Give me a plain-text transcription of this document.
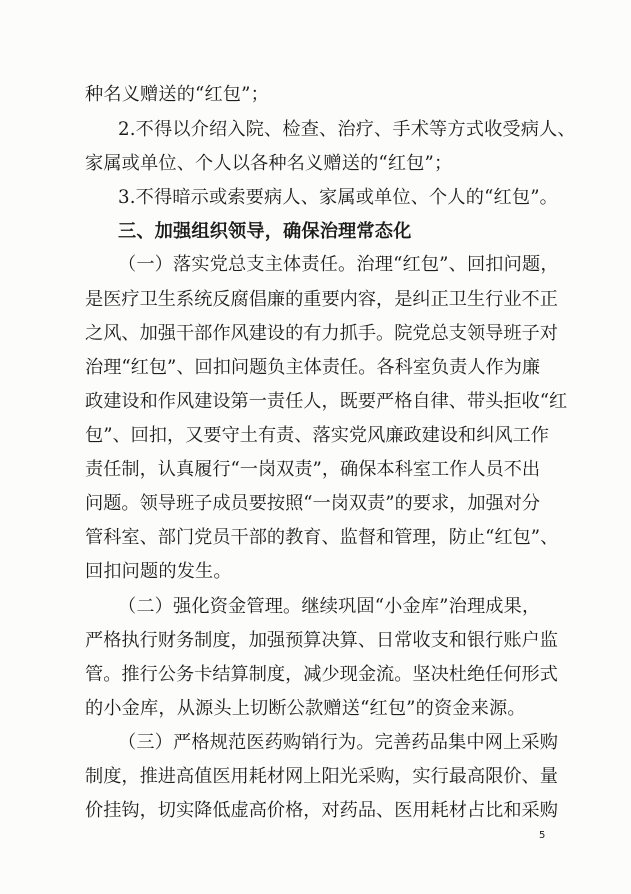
种名义赠送的“红包”；
2.不得以介绍入院、检查、治疗、手术等方式收受病人、
家属或单位、个人以各种名义赠送的“红包”；
3.不得暗示或索要病人、家属或单位、个人的“红包”。
三、加强组织领导，确保治理常态化
（一）落实党总支主体责任。治理“红包”、回扣问题，
是医疗卫生系统反腐倡廉的重要内容，是纠正卫生行业不正
之风、加强干部作风建设的有力抓手。院党总支领导班子对
治理“红包”、回扣问题负主体责任。各科室负责人作为廉
政建设和作风建设第一责任人，既要严格自律、带头拒收“红
包”、回扣，又要守土有责、落实党风廉政建设和纠风工作
责任制，认真履行“一岗双责”，确保本科室工作人员不出
问题。领导班子成员要按照“一岗双责”的要求，加强对分
管科室、部门党员干部的教育、监督和管理，防止“红包”、
回扣问题的发生。
（二）强化资金管理。继续巩固“小金库”治理成果，
严格执行财务制度，加强预算决算、日常收支和银行账户监
管。推行公务卡结算制度，减少现金流。坚决杜绝任何形式
的小金库，从源头上切断公款赠送“红包”的资金来源。
（三）严格规范医药购销行为。完善药品集中网上采购
制度，推进高值医用耗材网上阳光采购，实行最高限价、量
价挂钩，切实降低虚高价格，对药品、医用耗材占比和采购
5
